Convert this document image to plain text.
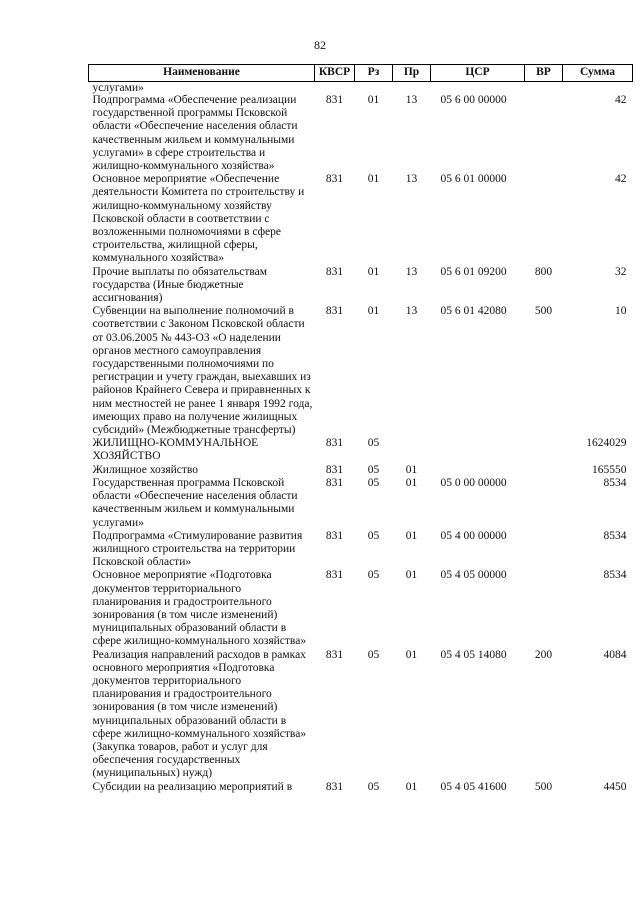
82
Наименование	КВСР	Рз	Пр	ЦСР	ВР	Сумма
услугами»						
Подпрограмма «Обеспечение реализации государственной программы Псковской области «Обеспечение населения области качественным жильем и коммунальными услугами» в сфере строительства и жилищно-коммунального хозяйства»	831	01	13	05 6 00 00000		42
Основное мероприятие «Обеспечение деятельности Комитета по строительству и жилищно-коммунальному хозяйству Псковской области в соответствии с возложенными полномочиями в сфере строительства, жилищной сферы, коммунального хозяйства»	831	01	13	05 6 01 00000		42
Прочие выплаты по обязательствам государства (Иные бюджетные ассигнования)	831	01	13	05 6 01 09200	800	32
Субвенции на выполнение полномочий в соответствии с Законом Псковской области от 03.06.2005 № 443-ОЗ «О наделении органов местного самоуправления государственными полномочиями по регистрации и учету граждан, выехавших из районов Крайнего Севера и приравненных к ним местностей не ранее 1 января 1992 года, имеющих право на получение жилищных субсидий» (Межбюджетные трансферты)	831	01	13	05 6 01 42080	500	10
ЖИЛИЩНО-КОММУНАЛЬНОЕ ХОЗЯЙСТВО	831	05				1624029
Жилищное хозяйство	831	05	01			165550
Государственная программа Псковской области «Обеспечение населения области качественным жильем и коммунальными услугами»	831	05	01	05 0 00 00000		8534
Подпрограмма «Стимулирование развития жилищного строительства на территории Псковской области»	831	05	01	05 4 00 00000		8534
Основное мероприятие «Подготовка документов территориального планирования и градостроительного зонирования (в том числе изменений) муниципальных образований области в сфере жилищно-коммунального хозяйства»	831	05	01	05 4 05 00000		8534
Реализация направлений расходов в рамках основного мероприятия «Подготовка документов территориального планирования и градостроительного зонирования (в том числе изменений) муниципальных образований области в сфере жилищно-коммунального хозяйства» (Закупка товаров, работ и услуг для обеспечения государственных (муниципальных) нужд)	831	05	01	05 4 05 14080	200	4084
Субсидии на реализацию мероприятий в	831	05	01	05 4 05 41600	500	4450
